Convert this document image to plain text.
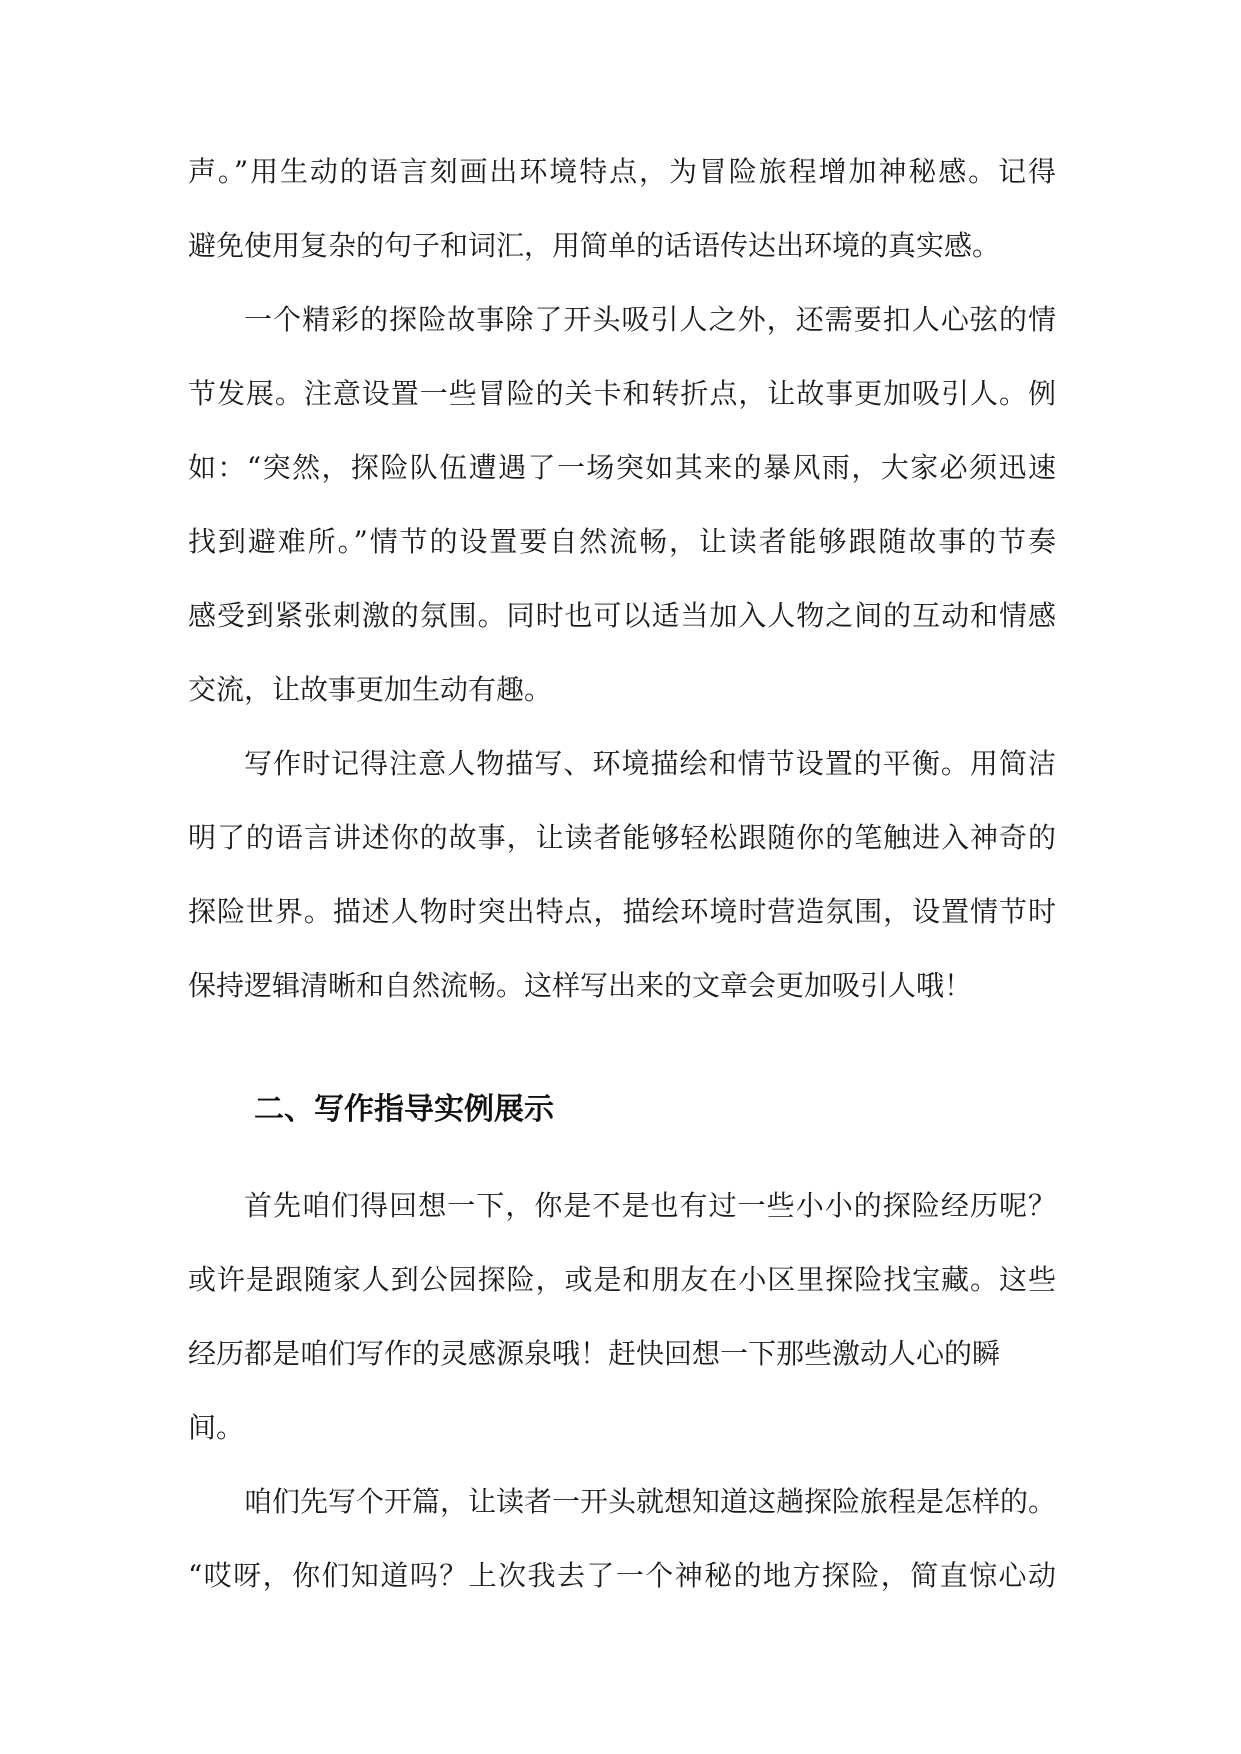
声。”用生动的语言刻画出环境特点，为冒险旅程增加神秘感。记得
避免使用复杂的句子和词汇，用简单的话语传达出环境的真实感。
一个精彩的探险故事除了开头吸引人之外，还需要扣人心弦的情
节发展。注意设置一些冒险的关卡和转折点，让故事更加吸引人。例
如：“突然，探险队伍遭遇了一场突如其来的暴风雨，大家必须迅速
找到避难所。”情节的设置要自然流畅，让读者能够跟随故事的节奏
感受到紧张刺激的氛围。同时也可以适当加入人物之间的互动和情感
交流，让故事更加生动有趣。
写作时记得注意人物描写、环境描绘和情节设置的平衡。用简洁
明了的语言讲述你的故事，让读者能够轻松跟随你的笔触进入神奇的
探险世界。描述人物时突出特点，描绘环境时营造氛围，设置情节时
保持逻辑清晰和自然流畅。这样写出来的文章会更加吸引人哦！
二、写作指导实例展示
首先咱们得回想一下，你是不是也有过一些小小的探险经历呢？
或许是跟随家人到公园探险，或是和朋友在小区里探险找宝藏。这些
经历都是咱们写作的灵感源泉哦！赶快回想一下那些激动人心的瞬
间。
咱们先写个开篇，让读者一开头就想知道这趟探险旅程是怎样的。
“哎呀，你们知道吗？上次我去了一个神秘的地方探险，简直惊心动
